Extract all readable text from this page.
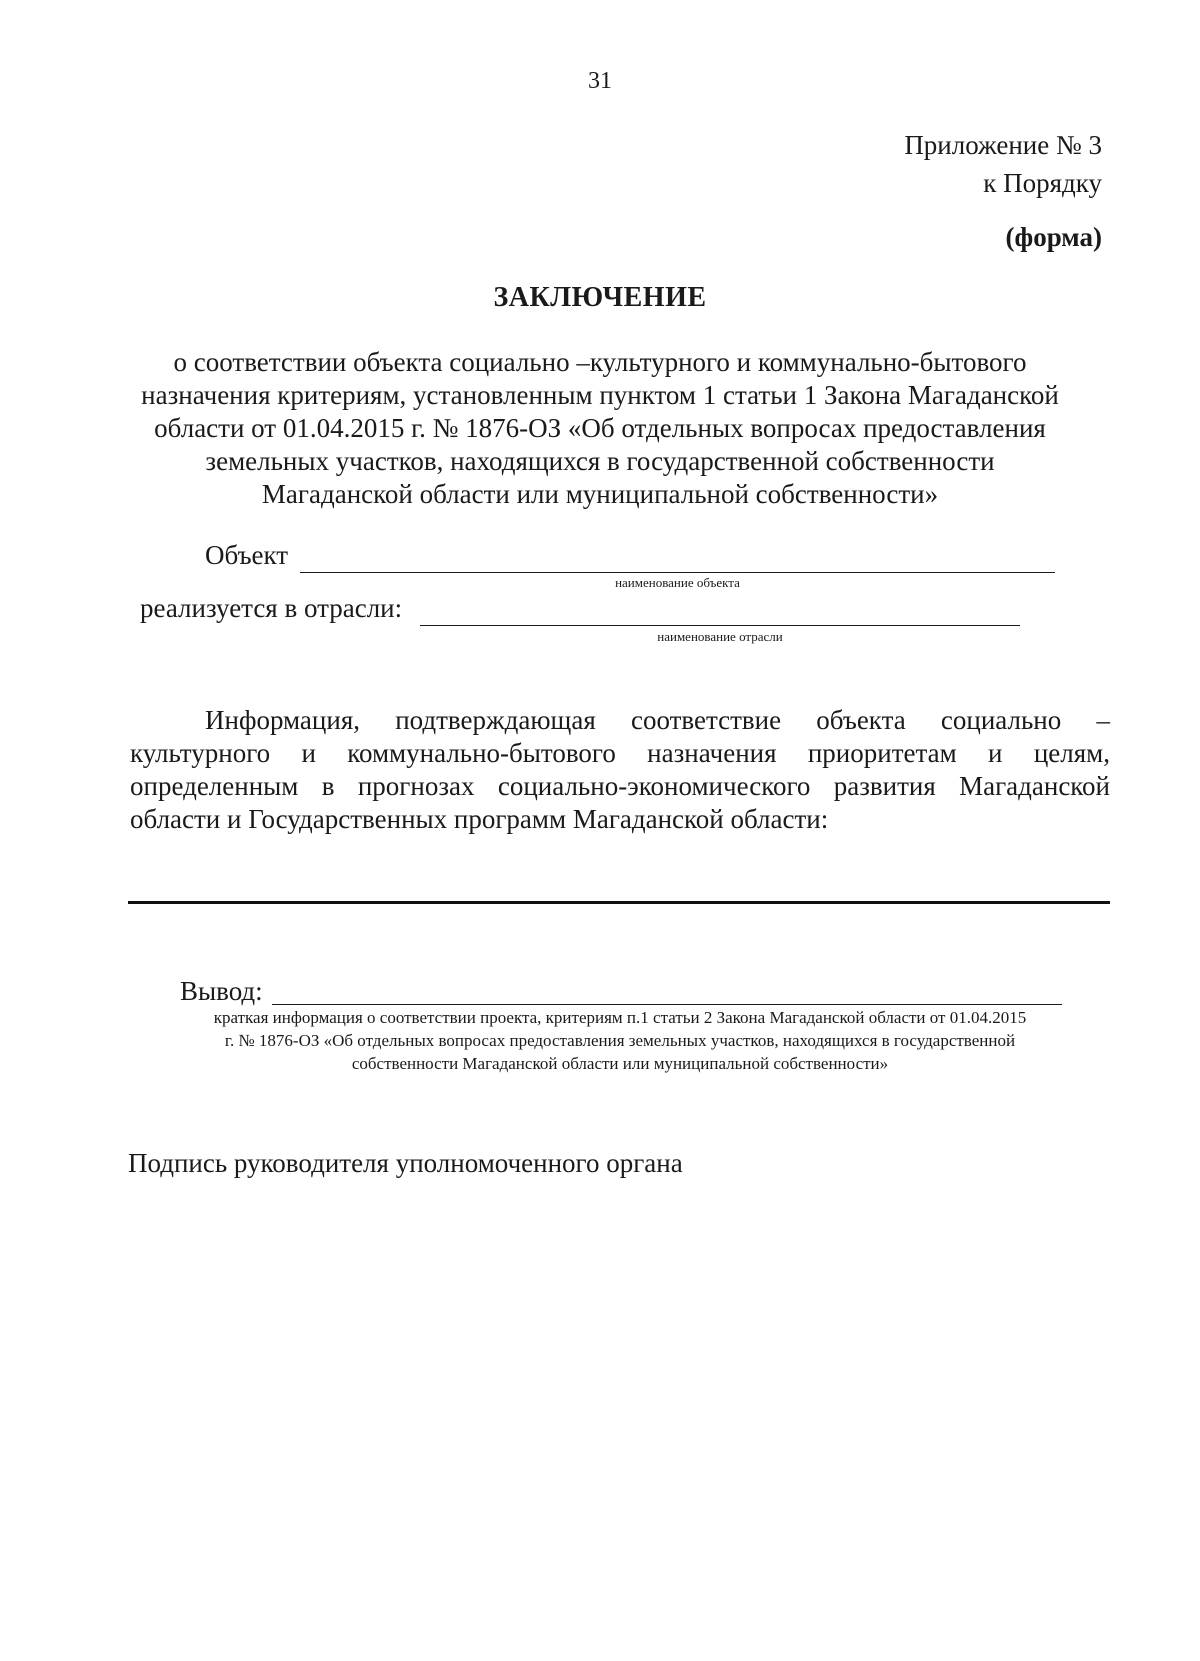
31
Приложение № 3
к Порядку
(форма)
ЗАКЛЮЧЕНИЕ
о соответствии объекта социально –культурного и коммунально-бытового
назначения критериям, установленным пунктом 1 статьи 1 Закона Магаданской
области от 01.04.2015 г. № 1876-ОЗ «Об отдельных вопросах предоставления
земельных участков, находящихся в государственной собственности
Магаданской области или муниципальной собственности»
Объект
наименование объекта
реализуется в отрасли:
наименование отрасли
Информация, подтверждающая соответствие объекта социально –
культурного и коммунально-бытового назначения приоритетам и целям,
определенным в прогнозах социально-экономического развития Магаданской
области и Государственных программ Магаданской области:
Вывод:
краткая информация о соответствии проекта, критериям п.1 статьи 2 Закона Магаданской области от 01.04.2015
г. № 1876-ОЗ «Об отдельных вопросах предоставления земельных участков, находящихся в государственной
собственности Магаданской области или муниципальной собственности»
Подпись руководителя уполномоченного органа
